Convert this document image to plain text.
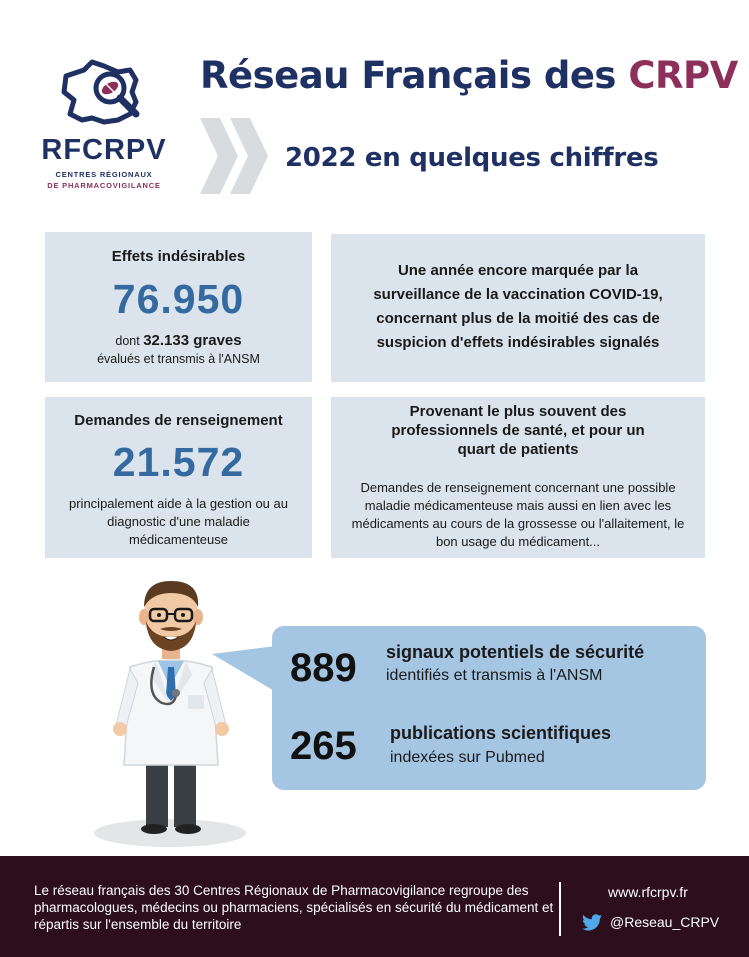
RFCRPV
CENTRES RÉGIONAUX
DE PHARMACOVIGILANCE
Réseau Français des CRPV
2022 en quelques chiffres
Effets indésirables
76.950
dont 32.133 graves
évalués et transmis à l'ANSM
Une année encore marquée par la surveillance de la vaccination COVID-19, concernant plus de la moitié des cas de suspicion d'effets indésirables signalés
Demandes de renseignement
21.572
principalement aide à la gestion ou au diagnostic d'une maladie médicamenteuse
Provenant le plus souvent des professionnels de santé, et pour un quart de patients
Demandes de renseignement concernant une possible maladie médicamenteuse mais aussi en lien avec les médicaments au cours de la grossesse ou l'allaitement, le bon usage du médicament...
889 signaux potentiels de sécurité
identifiés et transmis à l'ANSM
265 publications scientifiques
indexées sur Pubmed
Le réseau français des 30 Centres Régionaux de Pharmacovigilance regroupe des pharmacologues, médecins ou pharmaciens, spécialisés en sécurité du médicament et répartis sur l'ensemble du territoire
www.rfcrpv.fr
@Reseau_CRPV
